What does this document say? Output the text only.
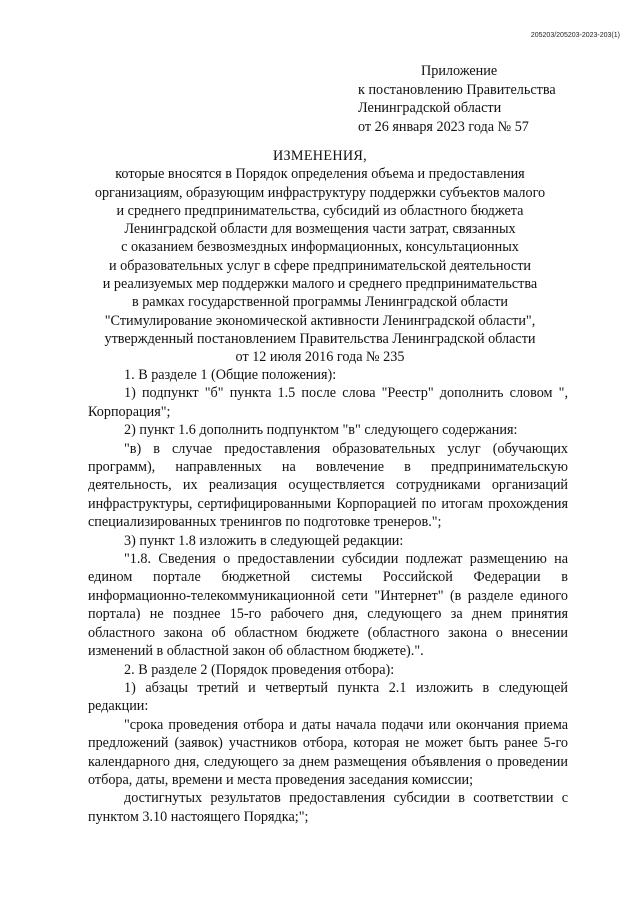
205203/205203-2023-203(1)
Приложение
к постановлению Правительства
Ленинградской области
от 26 января 2023 года № 57
ИЗМЕНЕНИЯ,
которые вносятся в Порядок определения объема и предоставления
организациям, образующим инфраструктуру поддержки субъектов малого
и среднего предпринимательства, субсидий из областного бюджета
Ленинградской области для возмещения части затрат, связанных
с оказанием безвозмездных информационных, консультационных
и образовательных услуг в сфере предпринимательской деятельности
и реализуемых мер поддержки малого и среднего предпринимательства
в рамках государственной программы Ленинградской области
"Стимулирование экономической активности Ленинградской области",
утвержденный постановлением Правительства Ленинградской области
от 12 июля 2016 года № 235

1. В разделе 1 (Общие положения):

1) подпункт "б" пункта 1.5 после слова "Реестр" дополнить словом ", Корпорация";

2) пункт 1.6 дополнить подпунктом "в" следующего содержания:

"в) в случае предоставления образовательных услуг (обучающих программ), направленных на вовлечение в предпринимательскую деятельность, их реализация осуществляется сотрудниками организаций инфраструктуры, сертифицированными Корпорацией по итогам прохождения специализированных тренингов по подготовке тренеров.";

3) пункт 1.8 изложить в следующей редакции:

"1.8. Сведения о предоставлении субсидии подлежат размещению на едином портале бюджетной системы Российской Федерации в информационно-телекоммуникационной сети "Интернет" (в разделе единого портала) не позднее 15-го рабочего дня, следующего за днем принятия областного закона об областном бюджете (областного закона о внесении изменений в областной закон об областном бюджете).".

2. В разделе 2 (Порядок проведения отбора):

1) абзацы третий и четвертый пункта 2.1 изложить в следующей редакции:

"срока проведения отбора и даты начала подачи или окончания приема предложений (заявок) участников отбора, которая не может быть ранее 5-го календарного дня, следующего за днем размещения объявления о проведении отбора, даты, времени и места проведения заседания комиссии;

достигнутых результатов предоставления субсидии в соответствии с пунктом 3.10 настоящего Порядка;";
